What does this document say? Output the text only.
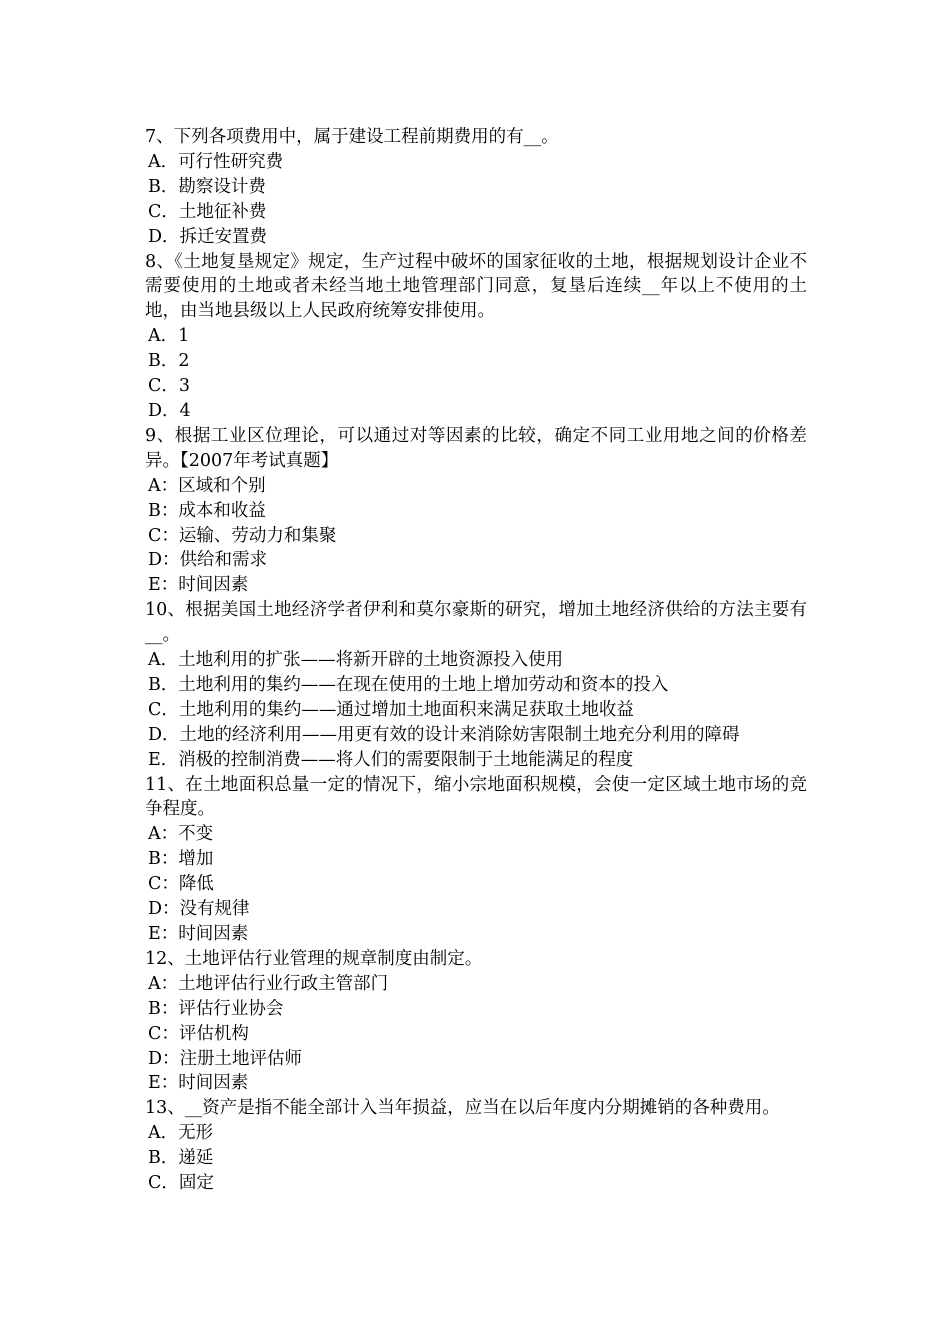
7、下列各项费用中，属于建设工程前期费用的有__。

A．可行性研究费

B．勘察设计费

C．土地征补费

D．拆迁安置费

8、《土地复垦规定》规定，生产过程中破坏的国家征收的土地，根据规划设计企业不需要使用的土地或者未经当地土地管理部门同意，复垦后连续__年以上不使用的土地，由当地县级以上人民政府统筹安排使用。

A．1

B．2

C．3

D．4

9、根据工业区位理论，可以通过对等因素的比较，确定不同工业用地之间的价格差异。【2007年考试真题】

A：区域和个别

B：成本和收益

C：运输、劳动力和集聚

D：供给和需求

E：时间因素

10、根据美国土地经济学者伊利和莫尔豪斯的研究，增加土地经济供给的方法主要有__。

A．土地利用的扩张——将新开辟的土地资源投入使用

B．土地利用的集约——在现在使用的土地上增加劳动和资本的投入

C．土地利用的集约——通过增加土地面积来满足获取土地收益

D．土地的经济利用——用更有效的设计来消除妨害限制土地充分利用的障碍

E．消极的控制消费——将人们的需要限制于土地能满足的程度

11、在土地面积总量一定的情况下，缩小宗地面积规模，会使一定区域土地市场的竞争程度。

A：不变

B：增加

C：降低

D：没有规律

E：时间因素

12、土地评估行业管理的规章制度由制定。

A：土地评估行业行政主管部门

B：评估行业协会

C：评估机构

D：注册土地评估师

E：时间因素

13、__资产是指不能全部计入当年损益，应当在以后年度内分期摊销的各种费用。

A．无形

B．递延

C．固定
